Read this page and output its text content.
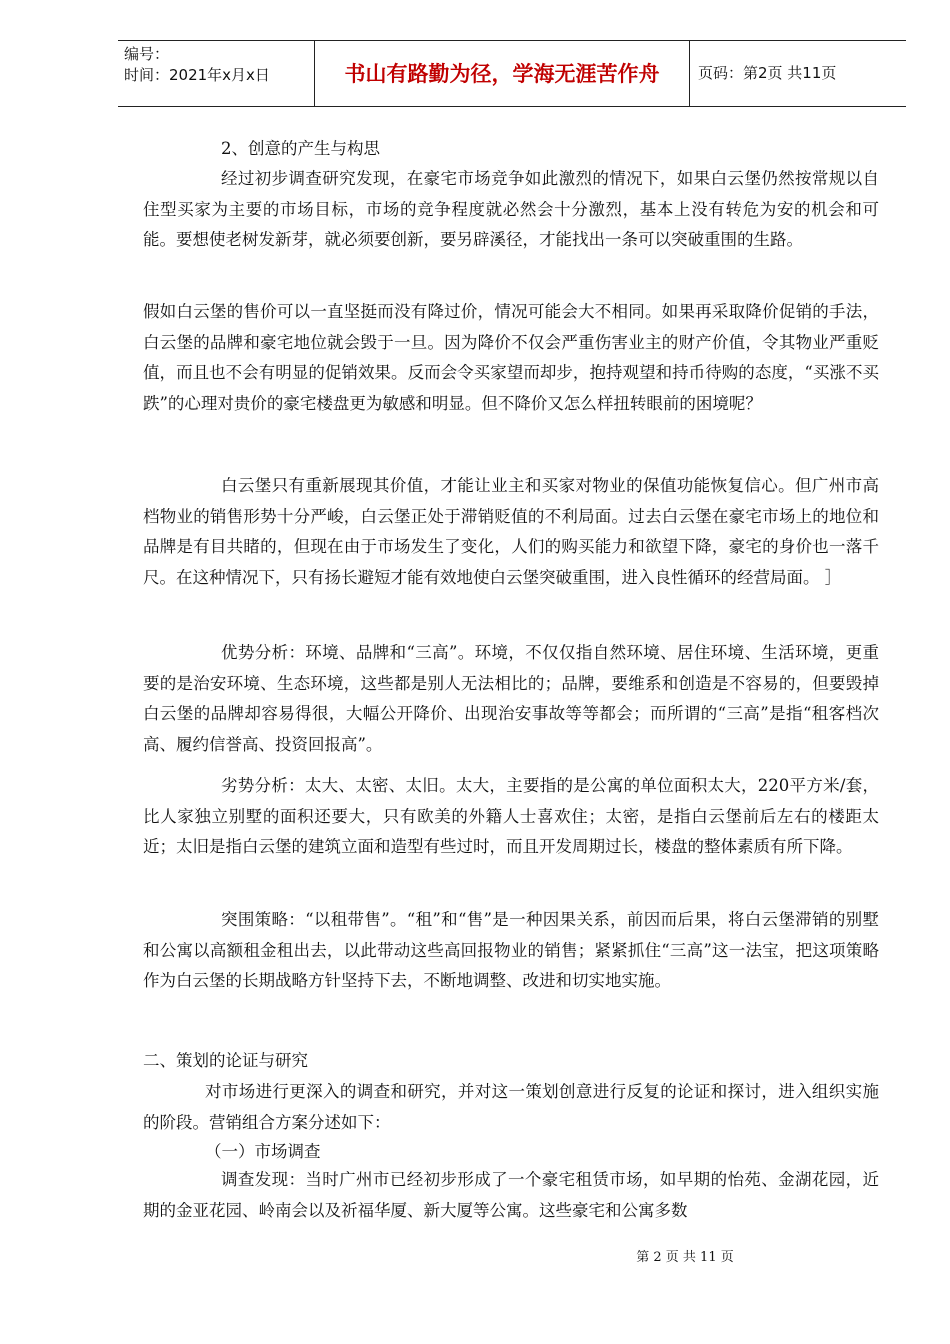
编号：
时间：2021年x月x日	书山有路勤为径，学海无涯苦作舟	页码：第2页 共11页

2、创意的产生与构思

经过初步调查研究发现，在豪宅市场竞争如此激烈的情况下，如果白云堡仍然按常规以自住型买家为主要的市场目标，市场的竞争程度就必然会十分激烈，基本上没有转危为安的机会和可能。要想使老树发新芽，就必须要创新，要另辟溪径，才能找出一条可以突破重围的生路。

假如白云堡的售价可以一直坚挺而没有降过价，情况可能会大不相同。如果再采取降价促销的手法，白云堡的品牌和豪宅地位就会毁于一旦。因为降价不仅会严重伤害业主的财产价值，令其物业严重贬值，而且也不会有明显的促销效果。反而会令买家望而却步，抱持观望和持币待购的态度，“买涨不买跌”的心理对贵价的豪宅楼盘更为敏感和明显。但不降价又怎么样扭转眼前的困境呢？

白云堡只有重新展现其价值，才能让业主和买家对物业的保值功能恢复信心。但广州市高档物业的销售形势十分严峻，白云堡正处于滞销贬值的不利局面。过去白云堡在豪宅市场上的地位和品牌是有目共睹的，但现在由于市场发生了变化，人们的购买能力和欲望下降，豪宅的身价也一落千尺。在这种情况下，只有扬长避短才能有效地使白云堡突破重围，进入良性循环的经营局面。 ］

优势分析：环境、品牌和“三高”。环境，不仅仅指自然环境、居住环境、生活环境，更重要的是治安环境、生态环境，这些都是别人无法相比的；品牌，要维系和创造是不容易的，但要毁掉白云堡的品牌却容易得很，大幅公开降价、出现治安事故等等都会；而所谓的“三高”是指“租客档次高、履约信誉高、投资回报高”。

劣势分析：太大、太密、太旧。太大，主要指的是公寓的单位面积太大，220平方米/套，比人家独立别墅的面积还要大，只有欧美的外籍人士喜欢住；太密，是指白云堡前后左右的楼距太近；太旧是指白云堡的建筑立面和造型有些过时，而且开发周期过长，楼盘的整体素质有所下降。

突围策略：“以租带售”。“租”和“售”是一种因果关系，前因而后果，将白云堡滞销的别墅和公寓以高额租金租出去，以此带动这些高回报物业的销售；紧紧抓住“三高”这一法宝，把这项策略作为白云堡的长期战略方针坚持下去，不断地调整、改进和切实地实施。

二、策划的论证与研究

对市场进行更深入的调查和研究，并对这一策划创意进行反复的论证和探讨，进入组织实施的阶段。营销组合方案分述如下：

（一）市场调查

调查发现：当时广州市已经初步形成了一个豪宅租赁市场，如早期的怡苑、金湖花园，近期的金亚花园、岭南会以及祈福华厦、新大厦等公寓。这些豪宅和公寓多数

第 2 页 共 11 页
